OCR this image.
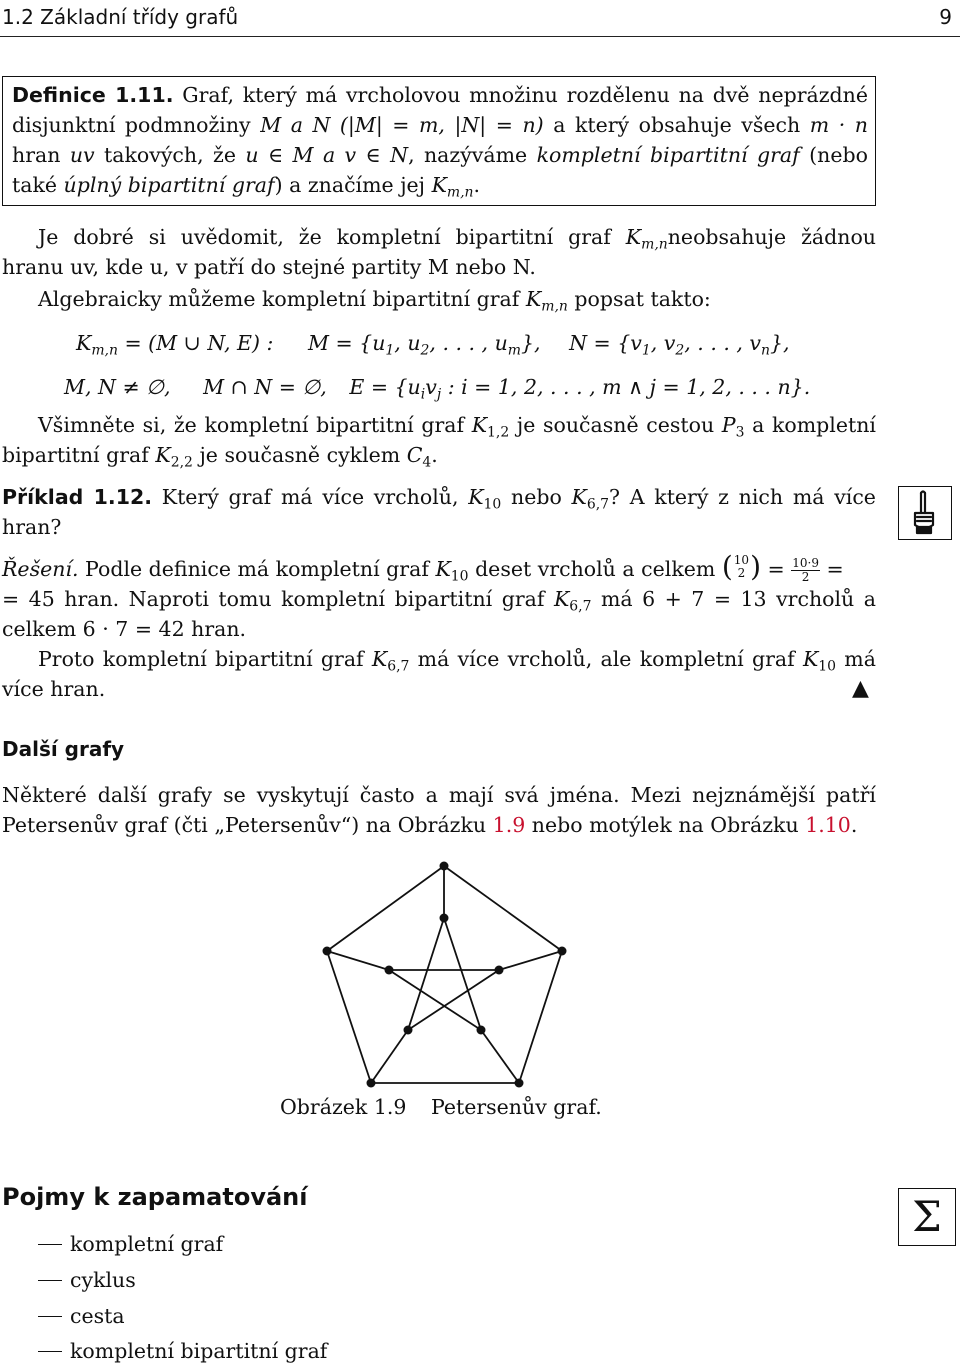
1.2 Základní třídy grafů	9
Definice 1.11. Graf, který má vrcholovou množinu rozdělenu na dvě neprázdné
disjunktní podmnožiny M a N (|M| = m, |N| = n) a který obsahuje všech m · n
hran uv takových, že u ∈ M a v ∈ N, nazýváme kompletní bipartitní graf (nebo
také úplný bipartitní graf) a značíme jej $K_{m,n}$.
Je dobré si uvědomit, že kompletní bipartitní graf $K_{m,n}neobsahuje$ žádnou
hranu uv, kde u, v patří do stejné partity M nebo N.
Algebraicky můžeme kompletní bipartitní graf $K_{m,n}$ popsat takto:
$K_{m,n} = (M$ ∪ N, E) : $M = \{u_1$, $u_2$, . . . , $u_m$}, $N = \{v_1$, $v_2$, . . . , $v_n$},
M, N ≠ ∅, M ∩ N = ∅, $E = \{u_iv_j$ : i = 1, 2, . . . , m ∧ j = 1, 2, . . . n}.
Všimněte si, že kompletní bipartitní graf $K_{1,2}$ je současně cestou $P_3$ a kompletní
bipartitní graf $K_{2,2}$ je současně cyklem $C_4$.
Příklad 1.12. Který graf má více vrcholů, $K_{10}$ nebo $K_{6,7}$? A který z nich má více
hran?
Řešení. Podle definice má kompletní graf $K_{10}$ deset vrcholů a celkem ( 10
2 ) = $\frac{10\cdot 9}{2}$ =
= 45 hran. Naproti tomu kompletní bipartitní graf $K_{6,7}$ má 6 + 7 = 13 vrcholů a
celkem 6 · 7 = 42 hran.
Proto kompletní bipartitní graf $K_{6,7}$ má více vrcholů, ale kompletní graf $K_{10}$ má
více hran.	▲
Další grafy
Některé další grafy se vyskytují často a mají svá jména. Mezi nejznámější patří
Petersenův graf (čti „Petersenův“) na Obrázku 1.9 nebo motýlek na Obrázku 1.10.
Obrázek 1.9 Petersenův graf.
Pojmy k zapamatování	Σ
kompletní graf
cyklus
cesta
kompletní bipartitní graf
